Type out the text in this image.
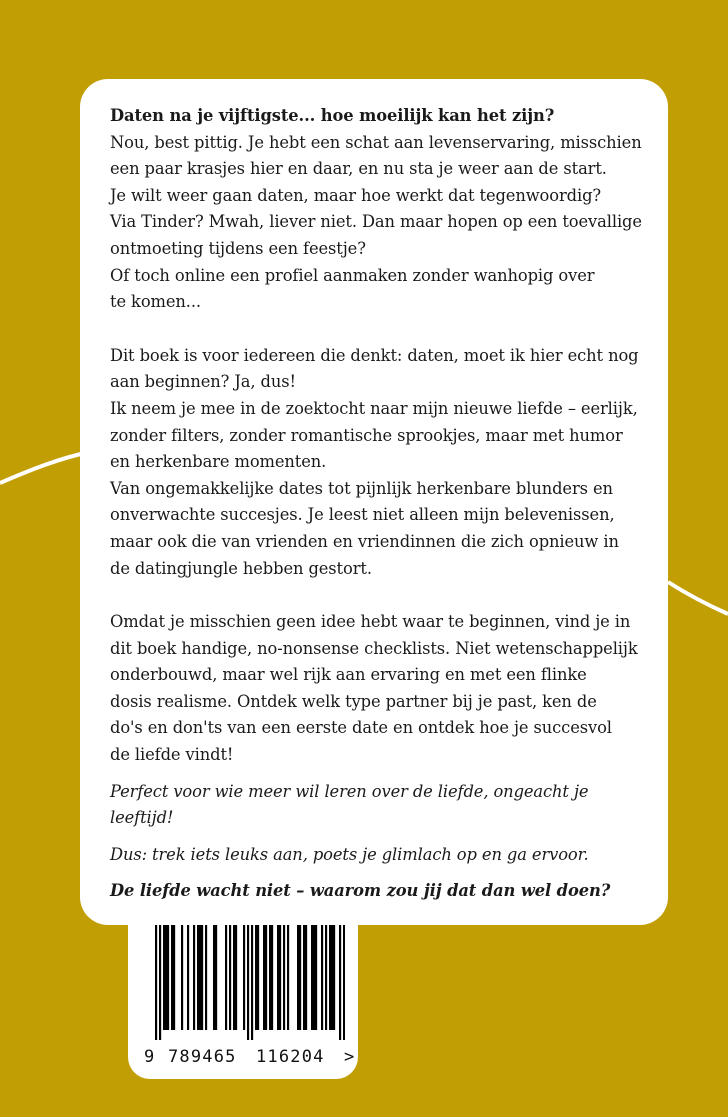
9 789465 116204 >

Daten na je vijftigste... hoe moeilijk kan het zijn?

Nou, best pittig. Je hebt een schat aan levenservaring, misschien

een paar krasjes hier en daar, en nu sta je weer aan de start.

Je wilt weer gaan daten, maar hoe werkt dat tegenwoordig?

Via Tinder? Mwah, liever niet. Dan maar hopen op een toevallige

ontmoeting tijdens een feestje?

Of toch online een profiel aanmaken zonder wanhopig over

te komen...

Dit boek is voor iedereen die denkt: daten, moet ik hier echt nog

aan beginnen? Ja, dus!

Ik neem je mee in de zoektocht naar mijn nieuwe liefde – eerlijk,

zonder filters, zonder romantische sprookjes, maar met humor

en herkenbare momenten.

Van ongemakkelijke dates tot pijnlijk herkenbare blunders en

onverwachte succesjes. Je leest niet alleen mijn belevenissen,

maar ook die van vrienden en vriendinnen die zich opnieuw in

de datingjungle hebben gestort.

Omdat je misschien geen idee hebt waar te beginnen, vind je in

dit boek handige, no-nonsense checklists. Niet wetenschappelijk

onderbouwd, maar wel rijk aan ervaring en met een flinke

dosis realisme. Ontdek welk type partner bij je past, ken de

do's en don'ts van een eerste date en ontdek hoe je succesvol

de liefde vindt!

Perfect voor wie meer wil leren over de liefde, ongeacht je leeftijd!

Dus: trek iets leuks aan, poets je glimlach op en ga ervoor.

De liefde wacht niet – waarom zou jij dat dan wel doen?
